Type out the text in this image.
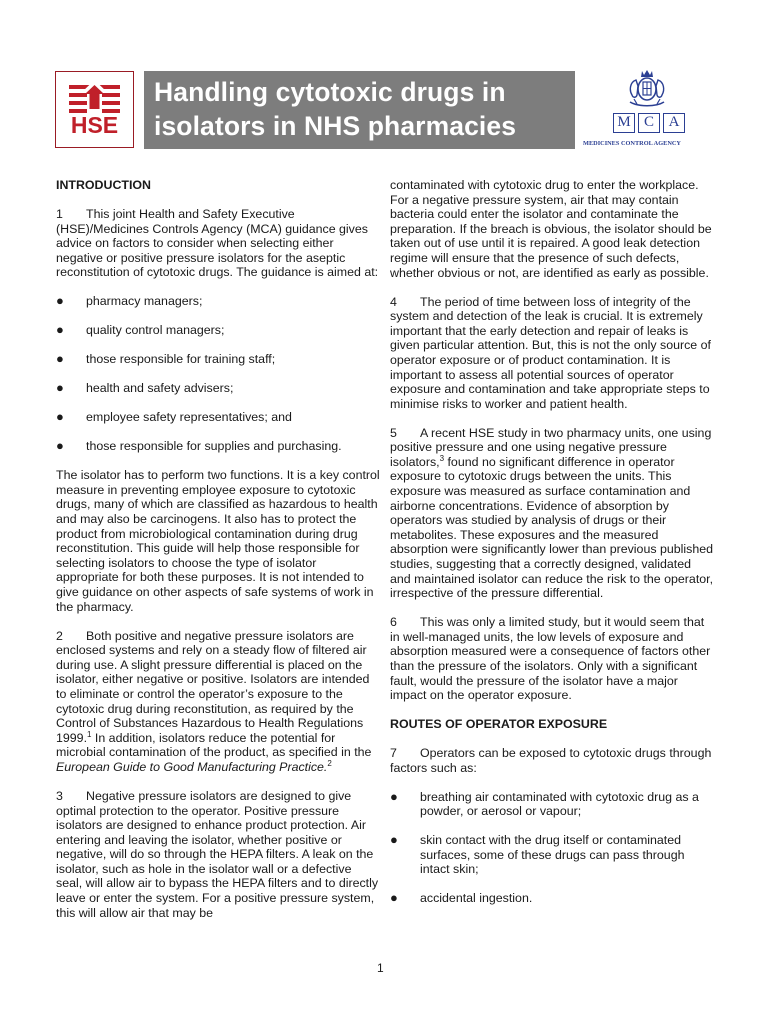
HSE
Handling cytotoxic drugs in
isolators in NHS pharmacies	M C A
MEDICINES CONTROL AGENCY
INTRODUCTION

1 This joint Health and Safety Executive (HSE)/Medicines Controls Agency (MCA) guidance gives advice on factors to consider when selecting either negative or positive pressure isolators for the aseptic reconstitution of cytotoxic drugs. The guidance is aimed at:

●	pharmacy managers;
●	quality control managers;
●	those responsible for training staff;
●	health and safety advisers;
●	employee safety representatives; and
●	those responsible for supplies and purchasing.

The isolator has to perform two functions. It is a key control measure in preventing employee exposure to cytotoxic drugs, many of which are classified as hazardous to health and may also be carcinogens. It also has to protect the product from microbiological contamination during drug reconstitution. This guide will help those responsible for selecting isolators to choose the type of isolator appropriate for both these purposes. It is not intended to give guidance on other aspects of safe systems of work in the pharmacy.

2 Both positive and negative pressure isolators are enclosed systems and rely on a steady flow of filtered air during use. A slight pressure differential is placed on the isolator, either negative or positive. Isolators are intended to eliminate or control the operator’s exposure to the cytotoxic drug during reconstitution, as required by the Control of Substances Hazardous to Health Regulations 1999.$^1$ In addition, isolators reduce the potential for microbial contamination of the product, as specified in the European Guide to Good Manufacturing Practice.$^2$

3 Negative pressure isolators are designed to give optimal protection to the operator. Positive pressure isolators are designed to enhance product protection. Air entering and leaving the isolator, whether positive or negative, will do so through the HEPA filters. A leak on the isolator, such as hole in the isolator wall or a defective seal, will allow air to bypass the HEPA filters and to directly leave or enter the system. For a positive pressure system, this will allow air that may be

contaminated with cytotoxic drug to enter the workplace. For a negative pressure system, air that may contain bacteria could enter the isolator and contaminate the preparation. If the breach is obvious, the isolator should be taken out of use until it is repaired. A good leak detection regime will ensure that the presence of such defects, whether obvious or not, are identified as early as possible.

4 The period of time between loss of integrity of the system and detection of the leak is crucial. It is extremely important that the early detection and repair of leaks is given particular attention. But, this is not the only source of operator exposure or of product contamination. It is important to assess all potential sources of operator exposure and contamination and take appropriate steps to minimise risks to worker and patient health.

5 A recent HSE study in two pharmacy units, one using positive pressure and one using negative pressure isolators,$^3$ found no significant difference in operator exposure to cytotoxic drugs between the units. This exposure was measured as surface contamination and airborne concentrations. Evidence of absorption by operators was studied by analysis of drugs or their metabolites. These exposures and the measured absorption were significantly lower than previous published studies, suggesting that a correctly designed, validated and maintained isolator can reduce the risk to the operator, irrespective of the pressure differential.

6 This was only a limited study, but it would seem that in well-managed units, the low levels of exposure and absorption measured were a consequence of factors other than the pressure of the isolators. Only with a significant fault, would the pressure of the isolator have a major impact on the operator exposure.

ROUTES OF OPERATOR EXPOSURE

7 Operators can be exposed to cytotoxic drugs through factors such as:

●	breathing air contaminated with cytotoxic drug as a powder, or aerosol or vapour;
●	skin contact with the drug itself or contaminated surfaces, some of these drugs can pass through intact skin;
●	accidental ingestion.
1
